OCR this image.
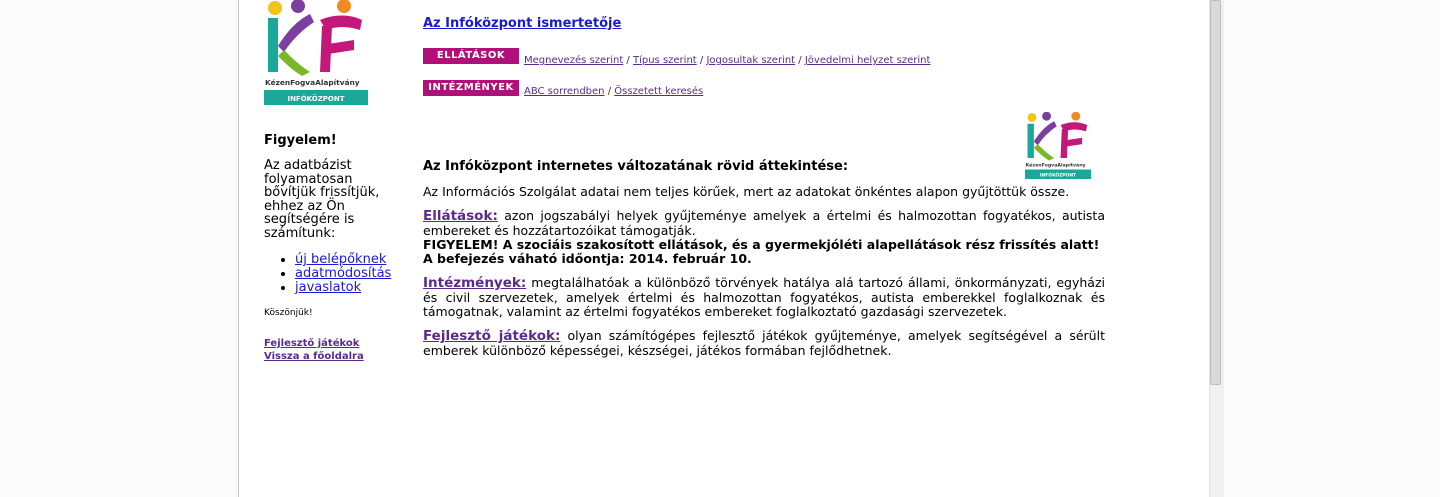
KézenFogvaAlapítvány
INFÓKÖZPONT
Figyelem!
Az adatbázist folyamatosan bővítjük frissítjük, ehhez az Ön segítségére is számítunk:
• új belépőknek
• adatmódosítás
• javaslatok
Köszönjük!
Fejlesztő játékok
Vissza a főoldalra
Az Infóközpont ismertetője
ELLÁTÁSOK	Megnevezés szerint / Típus szerint / Jogosultak szerint / Jövedelmi helyzet szerint
INTÉZMÉNYEK	ABC sorrendben / Összetett keresés
KézenFogvaAlapítvány
INFÓKÖZPONT
Az Infóközpont internetes változatának rövid áttekintése:

Az Információs Szolgálat adatai nem teljes körűek, mert az adatokat önkéntes alapon gyűjtöttük össze.

Ellátások: azon jogszabályi helyek gyűjteménye amelyek a értelmi és halmozottan fogyatékos, autista embereket és hozzátartozóikat támogatják.
FIGYELEM! A szociáis szakosított ellátások, és a gyermekjóléti alapellátások rész frissítés alatt!
A befejezés váható időontja: 2014. február 10.

Intézmények: megtalálhatóak a különböző törvények hatálya alá tartozó állami, önkormányzati, egyházi és civil szervezetek, amelyek értelmi és halmozottan fogyatékos, autista emberekkel foglalkoznak és támogatnak, valamint az értelmi fogyatékos embereket foglalkoztató gazdasági szervezetek.

Fejlesztő játékok: olyan számítógépes fejlesztő játékok gyűjteménye, amelyek segítségével a sérült emberek különböző képességei, készségei, játékos formában fejlődhetnek.
